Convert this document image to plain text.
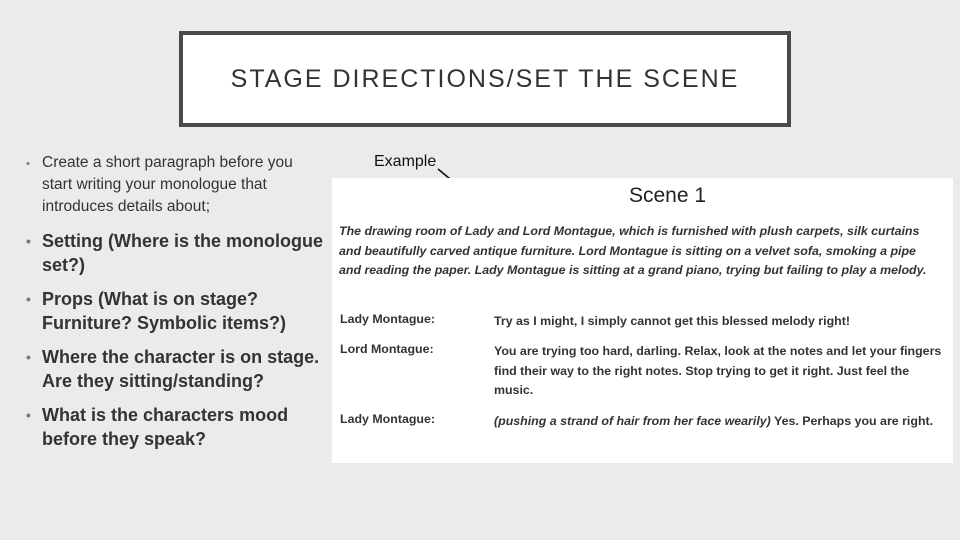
STAGE DIRECTIONS/SET THE SCENE
• Create a short paragraph before you start writing your monologue that introduces details about;
• Setting (Where is the monologue set?)
• Props (What is on stage? Furniture? Symbolic items?)
• Where the character is on stage. Are they sitting/standing?
• What is the characters mood before they speak?
Example
Scene 1
The drawing room of Lady and Lord Montague, which is furnished with plush carpets, silk curtains and beautifully carved antique furniture. Lord Montague is sitting on a velvet sofa, smoking a pipe and reading the paper. Lady Montague is sitting at a grand piano, trying but failing to play a melody.
Lady Montague:	Try as I might, I simply cannot get this blessed melody right!
Lord Montague:	You are trying too hard, darling. Relax, look at the notes and let your fingers find their way to the right notes. Stop trying to get it right. Just feel the music.
Lady Montague:	(pushing a strand of hair from her face wearily) Yes. Perhaps you are right.
